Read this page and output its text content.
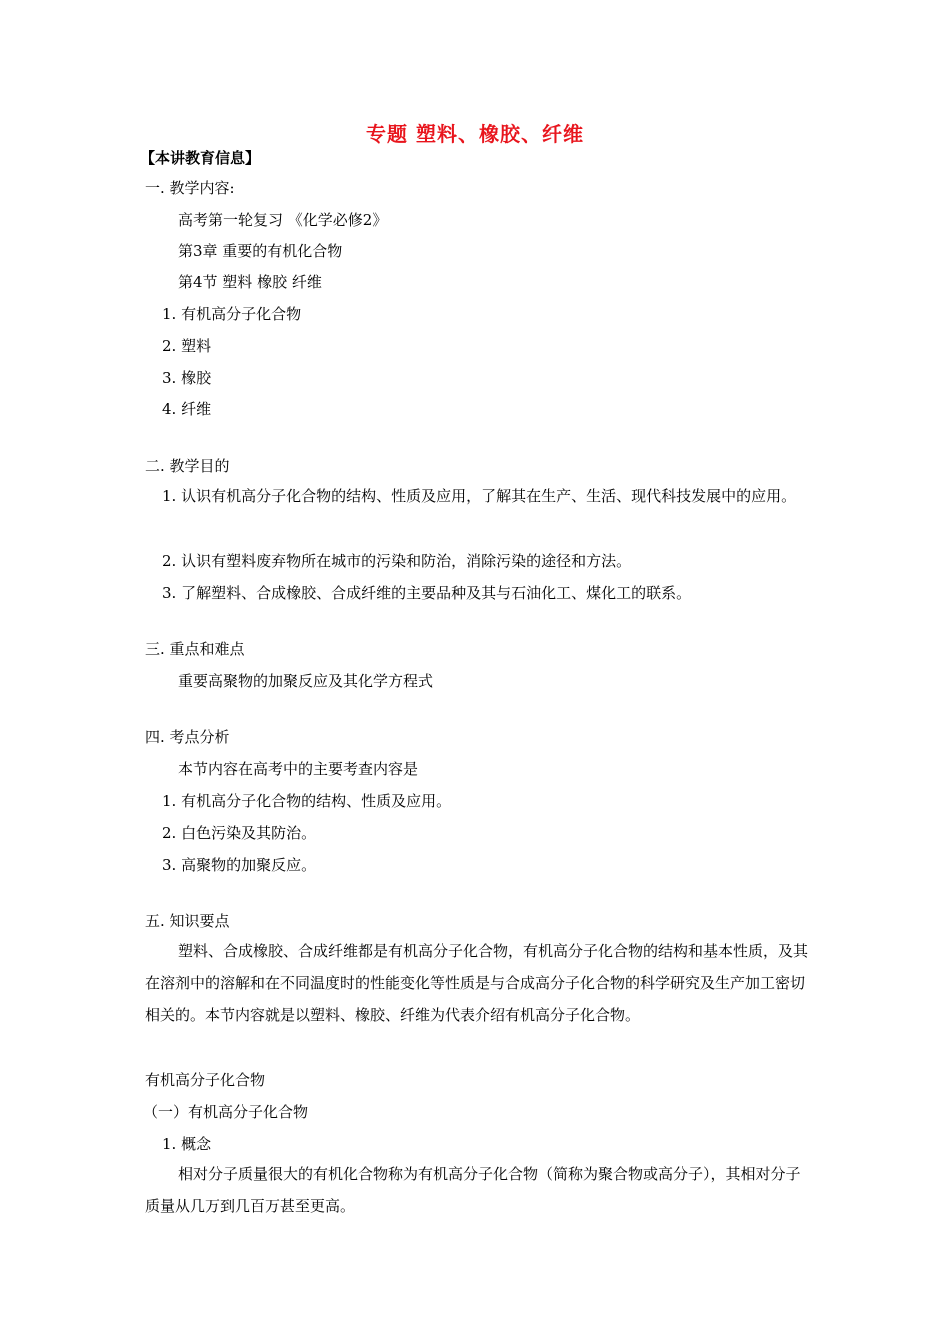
专题 塑料、橡胶、纤维
【本讲教育信息】
一. 教学内容:
高考第一轮复习 《化学必修2》
第3章 重要的有机化合物
第4节 塑料 橡胶 纤维
1. 有机高分子化合物
2. 塑料
3. 橡胶
4. 纤维
二. 教学目的
1. 认识有机高分子化合物的结构、性质及应用，了解其在生产、生活、现代科技发展中的应用。
2. 认识有塑料废弃物所在城市的污染和防治，消除污染的途径和方法。
3. 了解塑料、合成橡胶、合成纤维的主要品种及其与石油化工、煤化工的联系。
三. 重点和难点
重要高聚物的加聚反应及其化学方程式
四. 考点分析
本节内容在高考中的主要考查内容是
1. 有机高分子化合物的结构、性质及应用。
2. 白色污染及其防治。
3. 高聚物的加聚反应。
五. 知识要点
塑料、合成橡胶、合成纤维都是有机高分子化合物，有机高分子化合物的结构和基本性质，及其在溶剂中的溶解和在不同温度时的性能变化等性质是与合成高分子化合物的科学研究及生产加工密切相关的。本节内容就是以塑料、橡胶、纤维为代表介绍有机高分子化合物。
有机高分子化合物
（一）有机高分子化合物
1. 概念
相对分子质量很大的有机化合物称为有机高分子化合物（简称为聚合物或高分子），其相对分子质量从几万到几百万甚至更高。
